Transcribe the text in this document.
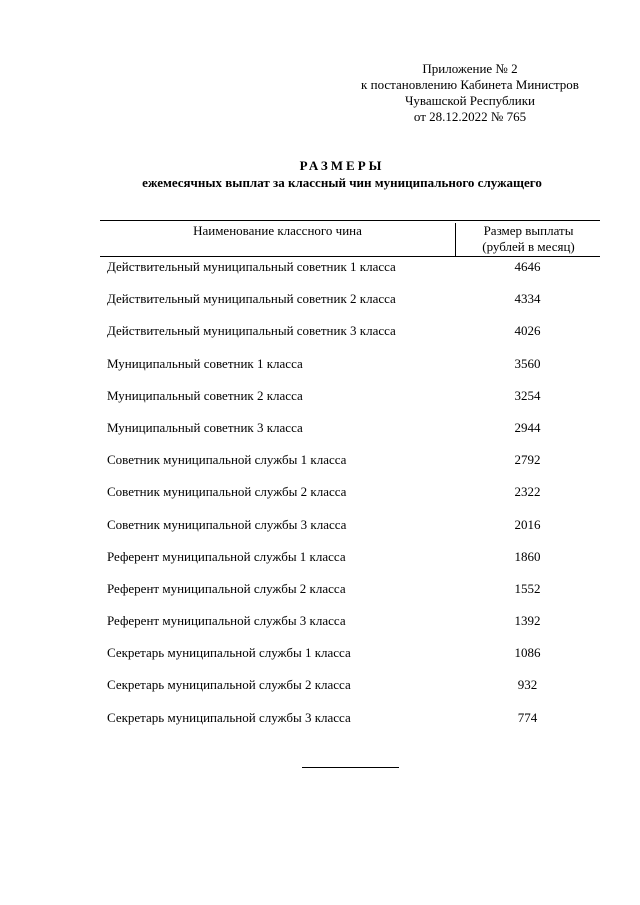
Приложение № 2
к постановлению Кабинета Министров
Чувашской Республики
от 28.12.2022 № 765
РАЗМЕРЫ
ежемесячных выплат за классный чин муниципального служащего
Наименование классного чина	Размер выплаты
(рублей в месяц)
Действительный муниципальный советник 1 класса	4646
Действительный муниципальный советник 2 класса	4334
Действительный муниципальный советник 3 класса	4026
Муниципальный советник 1 класса	3560
Муниципальный советник 2 класса	3254
Муниципальный советник 3 класса	2944
Советник муниципальной службы 1 класса	2792
Советник муниципальной службы 2 класса	2322
Советник муниципальной службы 3 класса	2016
Референт муниципальной службы 1 класса	1860
Референт муниципальной службы 2 класса	1552
Референт муниципальной службы 3 класса	1392
Секретарь муниципальной службы 1 класса	1086
Секретарь муниципальной службы 2 класса	932
Секретарь муниципальной службы 3 класса	774
